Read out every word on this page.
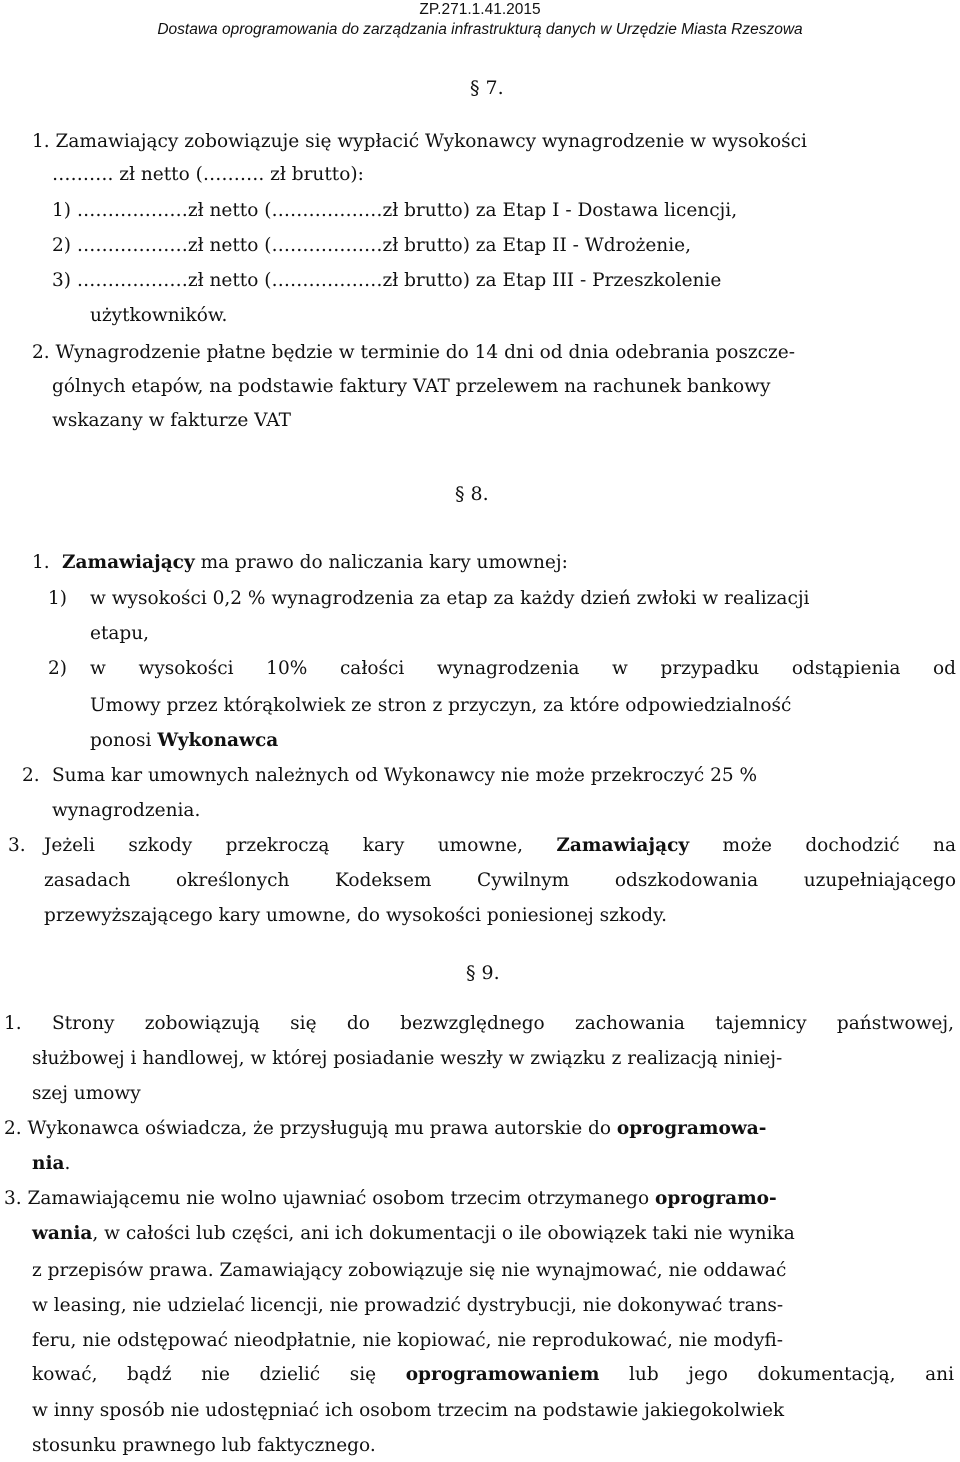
ZP.271.1.41.2015
Dostawa oprogramowania do zarządzania infrastrukturą danych w Urzędzie Miasta Rzeszowa
§ 7.
1. Zamawiający zobowiązuje się wypłacić Wykonawcy wynagrodzenie w wysokości
………. zł netto (………. zł brutto):
1) ………………zł netto (………………zł brutto) za Etap I - Dostawa licencji,
2) ………………zł netto (………………zł brutto) za Etap II - Wdrożenie,
3) ………………zł netto (………………zł brutto) za Etap III - Przeszkolenie
użytkowników.
2. Wynagrodzenie płatne będzie w terminie do 14 dni od dnia odebrania poszcze-
gólnych etapów, na podstawie faktury VAT przelewem na rachunek bankowy
wskazany w fakturze VAT
§ 8.
1. Zamawiający ma prawo do naliczania kary umownej:
1) w wysokości 0,2 % wynagrodzenia za etap za każdy dzień zwłoki w realizacji
etapu,
2) w wysokości 10% całości wynagrodzenia w przypadku odstąpienia od
Umowy przez którąkolwiek ze stron z przyczyn, za które odpowiedzialność
ponosi Wykonawca
2. Suma kar umownych należnych od Wykonawcy nie może przekroczyć 25 %
wynagrodzenia.
3. Jeżeli szkody przekroczą kary umowne, Zamawiający może dochodzić na
zasadach określonych Kodeksem Cywilnym odszkodowania uzupełniającego
przewyższającego kary umowne, do wysokości poniesionej szkody.
§ 9.
1. Strony zobowiązują się do bezwzględnego zachowania tajemnicy państwowej,
służbowej i handlowej, w której posiadanie weszły w związku z realizacją niniej-
szej umowy
2. Wykonawca oświadcza, że przysługują mu prawa autorskie do oprogramowa-
nia.
3. Zamawiającemu nie wolno ujawniać osobom trzecim otrzymanego oprogramo-
wania, w całości lub części, ani ich dokumentacji o ile obowiązek taki nie wynika
z przepisów prawa. Zamawiający zobowiązuje się nie wynajmować, nie oddawać
w leasing, nie udzielać licencji, nie prowadzić dystrybucji, nie dokonywać trans-
feru, nie odstępować nieodpłatnie, nie kopiować, nie reprodukować, nie modyfi-
kować, bądź nie dzielić się oprogramowaniem lub jego dokumentacją, ani
w inny sposób nie udostępniać ich osobom trzecim na podstawie jakiegokolwiek
stosunku prawnego lub faktycznego.
